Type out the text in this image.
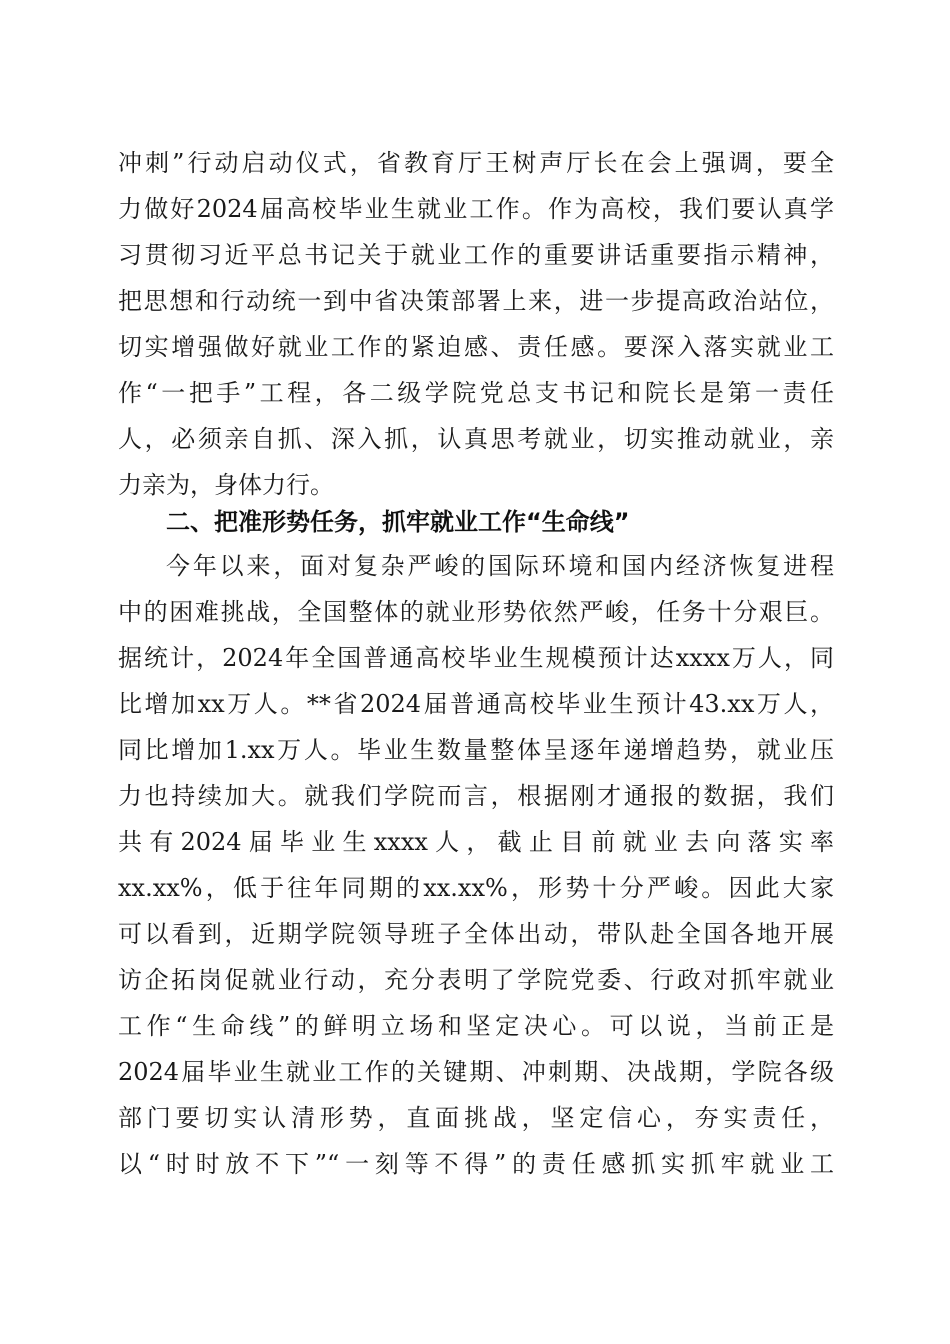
冲刺”行动启动仪式，省教育厅王树声厅长在会上强调，要全
力做好2024届高校毕业生就业工作。作为高校，我们要认真学
习贯彻习近平总书记关于就业工作的重要讲话重要指示精神，
把思想和行动统一到中省决策部署上来，进一步提高政治站位，
切实增强做好就业工作的紧迫感、责任感。要深入落实就业工
作“一把手”工程，各二级学院党总支书记和院长是第一责任
人，必须亲自抓、深入抓，认真思考就业，切实推动就业，亲
力亲为，身体力行。
二、把准形势任务，抓牢就业工作“生命线”
今年以来，面对复杂严峻的国际环境和国内经济恢复进程
中的困难挑战，全国整体的就业形势依然严峻，任务十分艰巨。
据统计，2024年全国普通高校毕业生规模预计达xxxx万人，同
比增加xx万人。**省2024届普通高校毕业生预计43.xx万人，
同比增加1.xx万人。毕业生数量整体呈逐年递增趋势，就业压
力也持续加大。就我们学院而言，根据刚才通报的数据，我们
共有2024届毕业生xxxx人，截止目前就业去向落实率
xx.xx%，低于往年同期的xx.xx%，形势十分严峻。因此大家
可以看到，近期学院领导班子全体出动，带队赴全国各地开展
访企拓岗促就业行动，充分表明了学院党委、行政对抓牢就业
工作“生命线”的鲜明立场和坚定决心。可以说，当前正是
2024届毕业生就业工作的关键期、冲刺期、决战期，学院各级
部门要切实认清形势，直面挑战，坚定信心，夯实责任，
以“时时放不下”“一刻等不得”的责任感抓实抓牢就业工
